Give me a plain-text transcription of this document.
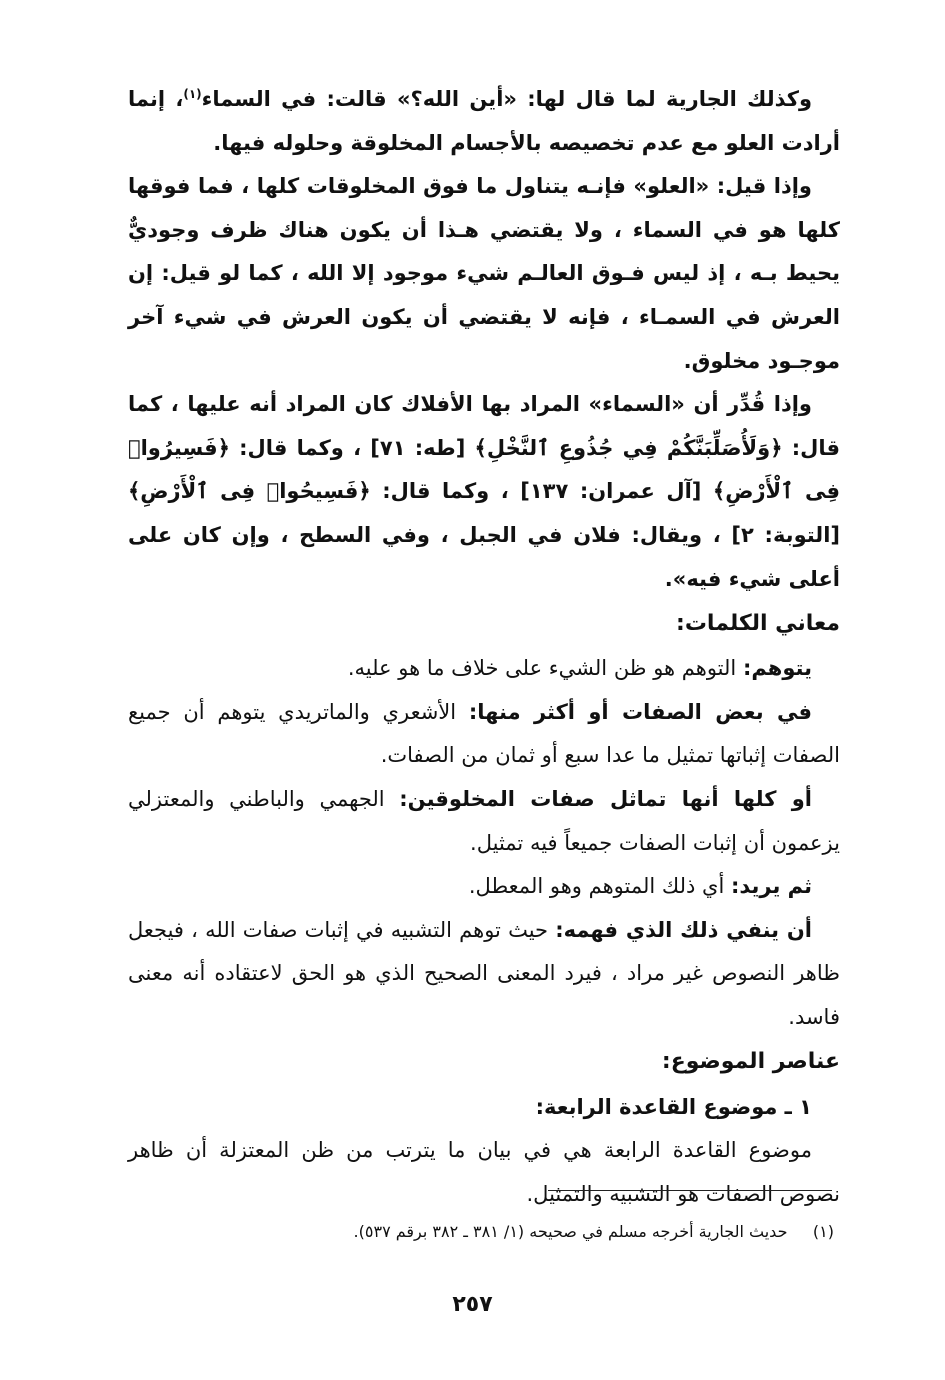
وكذلك الجارية لما قال لها: «أين الله؟» قالت: في السماء$^{(١)}$، إنما أرادت العلو مع عدم تخصيصه بالأجسام المخلوقة وحلوله فيها.

وإذا قيل: «العلو» فإنـه يتناول ما فوق المخلوقات كلها ، فما فوقها كلها هو في السماء ، ولا يقتضي هـذا أن يكون هناك ظرف وجوديٌّ يحيط بـه ، إذ ليس فـوق العالـم شيء موجود إلا الله ، كما لو قيل: إن العرش في السمـاء ، فإنه لا يقتضي أن يكون العرش في شيء آخر موجـود مخلوق.

وإذا قُدِّر أن «السماء» المراد بها الأفلاك كان المراد أنه عليها ، كما قال: ﴿وَلَأُصَلِّبَنَّكُمْ فِي جُذُوعِ ٱلنَّخْلِ﴾ [طه: ٧١] ، وكما قال: ﴿فَسِيرُوا۟ فِى ٱلْأَرْضِ﴾ [آل عمران: ١٣٧] ، وكما قال: ﴿فَسِيحُوا۟ فِى ٱلْأَرْضِ﴾ [التوبة: ٢] ، ويقال: فلان في الجبل ، وفي السطح ، وإن كان على أعلى شيء فيه».

معاني الكلمات:

يتوهم: التوهم هو ظن الشيء على خلاف ما هو عليه.

في بعض الصفات أو أكثر منها: الأشعري والماتريدي يتوهم أن جميع الصفات إثباتها تمثيل ما عدا سبع أو ثمان من الصفات.

أو كلها أنها تماثل صفات المخلوقين: الجهمي والباطني والمعتزلي يزعمون أن إثبات الصفات جميعاً فيه تمثيل.

ثم يريد: أي ذلك المتوهم وهو المعطل.

أن ينفي ذلك الذي فهمه: حيث توهم التشبيه في إثبات صفات الله ، فيجعل ظاهر النصوص غير مراد ، فيرد المعنى الصحيح الذي هو الحق لاعتقاده أنه معنى فاسد.

عناصر الموضوع:

١ ـ موضوع القاعدة الرابعة:

موضوع القاعدة الرابعة هي في بيان ما يترتب من ظن المعتزلة أن ظاهر نصوص الصفات هو التشبيه والتمثيل.

(١)     حديث الجارية أخرجه مسلم في صحيحه (١/ ٣٨١ ـ ٣٨٢ برقم ٥٣٧).
٢٥٧
